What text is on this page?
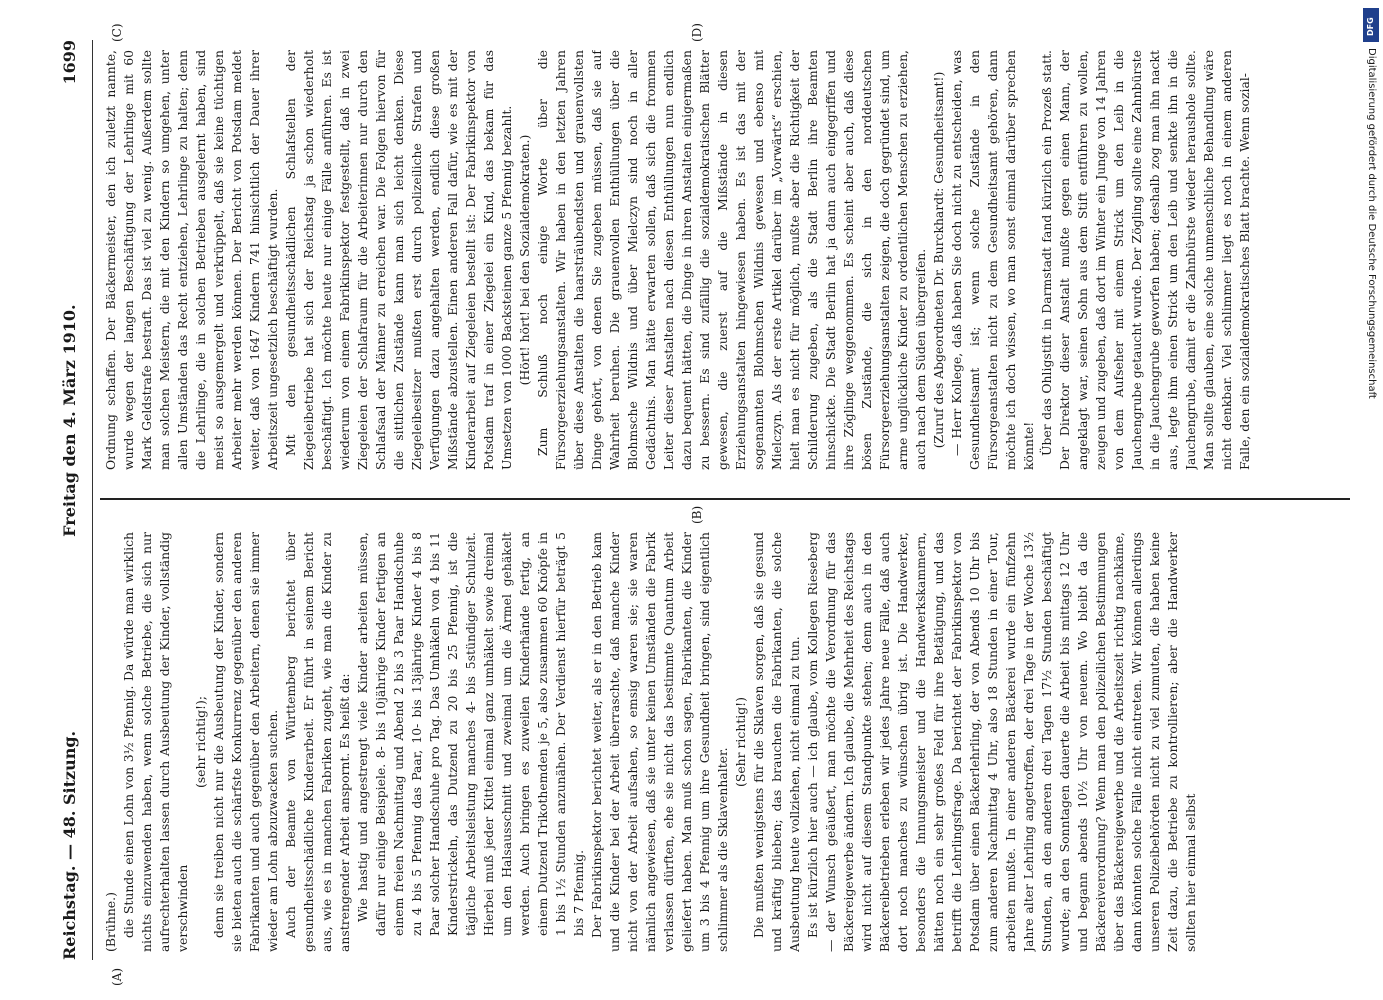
Reichstag. — 48. Sitzung.
Freitag den 4. März 1910.
1699
(A)
(B)
(C)	(D)

(Brühne.) die Stunde einen Lohn von 3½ Pfennig. Da würde man wirklich nichts einzuwenden haben, wenn solche Betriebe, die sich nur aufrechterhalten lassen durch Ausbeutung der Kinder, vollständig verschwinden

(sehr richtig!); denn sie treiben nicht nur die Ausbeutung der Kinder, sondern sie bieten auch die schärfste Konkurrenz gegenüber den anderen Fabrikanten und auch gegenüber den Arbeitern, denen sie immer wieder am Lohn abzuzwacken suchen. Auch der Beamte von Württemberg berichtet über gesundheitsschädliche Kinderarbeit. Er führt in seinem Bericht aus, wie es in manchen Fabriken zugeht, wie man die Kinder zu anstrengender Arbeit anspornt. Es heißt da: Wie hastig und angestrengt viele Kinder arbeiten müssen, dafür nur einige Beispiele. 8- bis 10jährige Kinder fertigen an einem freien Nachmittag und Abend 2 bis 3 Paar Handschuhe zu 4 bis 5 Pfennig das Paar, 10- bis 13jährige Kinder 4 bis 8 Paar solcher Handschuhe pro Tag. Das Umhäkeln von 4 bis 11 Kinderstrickeln, das Dutzend zu 20 bis 25 Pfennig, ist die tägliche Arbeitsleistung manches 4- bis 5stündiger Schulzeit. Hierbei muß jeder Kittel einmal ganz umhäkelt sowie dreimal um den Halsausschnitt und zweimal um die Ärmel gehäkelt werden. Auch bringen es zuweilen Kinderhände fertig, an einem Dutzend Trikothemden je 5, also zusammen 60 Knöpfe in 1 bis 1½ Stunden anzunähen. Der Verdienst hierfür beträgt 5 bis 7 Pfennig. Der Fabrikinspektor berichtet weiter, als er in den Betrieb kam und die Kinder bei der Arbeit überraschte, daß manche Kinder nicht von der Arbeit aufsahen, so emsig waren sie; sie waren nämlich angewiesen, daß sie unter keinen Umständen die Fabrik verlassen dürften, ehe sie nicht das bestimmte Quantum Arbeit geliefert haben. Man muß schon sagen, Fabrikanten, die Kinder um 3 bis 4 Pfennig um ihre Gesundheit bringen, sind eigentlich schlimmer als die Sklavenhalter.

(Sehr richtig!) Die mußten wenigstens für die Sklaven sorgen, daß sie gesund und kräftig blieben; das brauchen die Fabrikanten, die solche Ausbeutung heute vollziehen, nicht einmal zu tun. Es ist kürzlich hier auch — ich glaube, vom Kollegen Rieseberg — der Wunsch geäußert, man möchte die Verordnung für das Bäckereigewerbe ändern. Ich glaube, die Mehrheit des Reichstags wird nicht auf diesem Standpunkte stehen; denn auch in den Bäckereibetrieben erleben wir jedes Jahre neue Fälle, daß auch dort noch manches zu wünschen übrig ist. Die Handwerker, besonders die Innungsmeister und die Handwerkskammern, hätten noch ein sehr großes Feld für ihre Betätigung, und das betrifft die Lehrlingsfrage. Da berichtet der Fabrikinspektor von Potsdam über einen Bäckerlehrling, der von Abends 10 Uhr bis zum anderen Nachmittag 4 Uhr, also 18 Stunden in einer Tour, arbeiten mußte. In einer anderen Bäckerei wurde ein fünfzehn Jahre alter Lehrling angetroffen, der drei Tage in der Woche 13½ Stunden, an den anderen drei Tagen 17½ Stunden beschäftigt wurde; an den Sonntagen dauerte die Arbeit bis mittags 12 Uhr und begann abends 10½ Uhr von neuem. Wo bleibt da die Bäckereiverordnung? Wenn man den polizeilichen Bestimmungen über das Bäckereigewerbe und die Arbeitszeit richtig nachkäme, dann könnten solche Fälle nicht eintreten. Wir können allerdings unseren Polizeibehörden nicht zu viel zumuten, die haben keine Zeit dazu, die Betriebe zu kontrollieren; aber die Handwerker sollten hier einmal selbst

Ordnung schaffen. Der Bäckermeister, den ich zuletzt nannte, wurde wegen der langen Beschäftigung der Lehrlinge mit 60 Mark Geldstrafe bestraft. Das ist viel zu wenig. Außerdem sollte man solchen Meistern, die mit den Kindern so umgehen, unter allen Umständen das Recht entziehen, Lehrlinge zu halten; denn die Lehrlinge, die in solchen Betrieben ausgelernt haben, sind meist so ausgemergelt und verkrüppelt, daß sie keine tüchtigen Arbeiter mehr werden können. Der Bericht von Potsdam meldet weiter, daß von 1647 Kindern 741 hinsichtlich der Dauer ihrer Arbeitszeit ungesetzlich beschäftigt wurden. Mit den gesundheitsschädlichen Schlafstellen der Ziegeleibetriebe hat sich der Reichstag ja schon wiederholt beschäftigt. Ich möchte heute nur einige Fälle anführen. Es ist wiederum von einem Fabrikinspektor festgestellt, daß in zwei Ziegeleien der Schlafraum für die Arbeiterinnen nur durch den Schlafsaal der Männer zu erreichen war. Die Folgen hiervon für die sittlichen Zustände kann man sich leicht denken. Diese Ziegeleibesitzer mußten erst durch polizeiliche Strafen und Verfügungen dazu angehalten werden, endlich diese großen Mißstände abzustellen. Einen anderen Fall dafür, wie es mit der Kinderarbeit auf Ziegeleien bestellt ist: Der Fabrikinspektor von Potsdam traf in einer Ziegelei ein Kind, das bekam für das Umsetzen von 1000 Backsteinen ganze 5 Pfennig bezahlt. (Hört! hört! bei den Sozialdemokraten.) Zum Schluß noch einige Worte über die Fürsorgeerziehungsanstalten. Wir haben in den letzten Jahren über diese Anstalten die haarsträubendsten und grauenvollsten Dinge gehört, von denen Sie zugeben müssen, daß sie auf Wahrheit beruhen. Die grauenvollen Enthüllungen über die Blohmsche Wildnis und über Mielczyn sind noch in aller Gedächtnis. Man hätte erwarten sollen, daß sich die frommen Leiter dieser Anstalten nach diesen Enthüllungen nun endlich dazu bequemt hätten, die Dinge in ihren Anstalten einigermaßen zu bessern. Es sind zufällig die sozialdemokratischen Blätter gewesen, die zuerst auf die Mißstände in diesen Erziehungsanstalten hingewiesen haben. Es ist das mit der sogenannten Blohmschen Wildnis gewesen und ebenso mit Mielczyn. Als der erste Artikel darüber im „Vorwärts“ erschien, hielt man es nicht für möglich, mußte aber die Richtigkeit der Schilderung zugeben, als die Stadt Berlin ihre Beamten hinschickte. Die Stadt Berlin hat ja dann auch eingegriffen und ihre Zöglinge weggenommen. Es scheint aber auch, daß diese bösen Zustände, die sich in den norddeutschen Fürsorgeerziehungsanstalten zeigen, die doch gegründet sind, um arme unglückliche Kinder zu ordentlichen Menschen zu erziehen, auch nach dem Süden übergreifen. (Zuruf des Abgeordneten Dr. Burckhardt: Gesundheitsamt!) — Herr Kollege, daß haben Sie doch nicht zu entscheiden, was Gesundheitsamt ist; wenn solche Zustände in den Fürsorgeanstalten nicht zu dem Gesundheitsamt gehören, dann möchte ich doch wissen, wo man sonst einmal darüber sprechen könnte! Über das Ohligstift in Darmstadt fand kürzlich ein Prozeß statt. Der Direktor dieser Anstalt mußte gegen einen Mann, der angeklagt war, seinen Sohn aus dem Stift entführen zu wollen, zeugen und zugeben, daß dort im Winter ein Junge von 14 Jahren von dem Aufseher mit einem Strick um den Leib in die Jauchengrube getaucht wurde. Der Zögling sollte eine Zahnbürste in die Jauchengrube geworfen haben; deshalb zog man ihn nackt aus, legte ihm einen Strick um den Leib und senkte ihn in die Jauchengrube, damit er die Zahnbürste wieder heraushole sollte. Man sollte glauben, eine solche unmenschliche Behandlung wäre nicht denkbar. Viel schlimmer liegt es noch in einem anderen Falle, den ein sozialdemokratisches Blatt brachte. Wenn sozial-

DFG
Digitalisierung gefördert durch die Deutsche Forschungsgemeinschaft
